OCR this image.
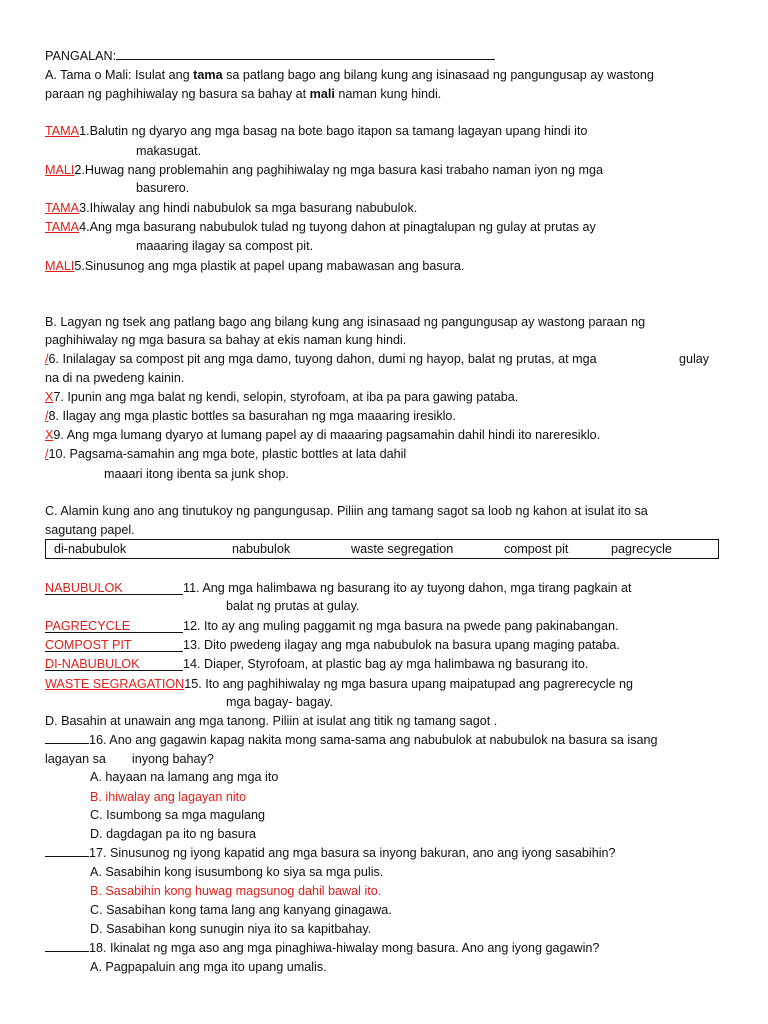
PANGALAN:
A. Tama o Mali: Isulat ang tama sa patlang bago ang bilang kung ang isinasaad ng pangungusap ay wastong
paraan ng paghihiwalay ng basura sa bahay at mali naman kung hindi.
TAMA1.Balutin ng dyaryo ang mga basag na bote bago itapon sa tamang lagayan upang hindi ito
makasugat.
MALI2.Huwag nang problemahin ang paghihiwalay ng mga basura kasi trabaho naman iyon ng mga
basurero.
TAMA3.Ihiwalay ang hindi nabubulok sa mga basurang nabubulok.
TAMA4.Ang mga basurang nabubulok tulad ng tuyong dahon at pinagtalupan ng gulay at prutas ay
maaaring ilagay sa compost pit.
MALI5.Sinusunog ang mga plastik at papel upang mabawasan ang basura.
B. Lagyan ng tsek ang patlang bago ang bilang kung ang isinasaad ng pangungusap ay wastong paraan ng
paghihiwalay ng mga basura sa bahay at ekis naman kung hindi.
/6. Inilalagay sa compost pit ang mga damo, tuyong dahon, dumi ng hayop, balat ng prutas, at mga	gulay
na di na pwedeng kainin.
X7. Ipunin ang mga balat ng kendi, selopin, styrofoam, at iba pa para gawing pataba.
/8. Ilagay ang mga plastic bottles sa basurahan ng mga maaaring iresiklo.
X9. Ang mga lumang dyaryo at lumang papel ay di maaaring pagsamahin dahil hindi ito nareresiklo.
/10. Pagsama-samahin ang mga bote, plastic bottles at lata dahil
maaari itong ibenta sa junk shop.
C. Alamin kung ano ang tinutukoy ng pangungusap. Piliin ang tamang sagot sa loob ng kahon at isulat ito sa
sagutang papel.
di-nabubulok	nabubulok	waste segregation	compost pit	pagrecycle
NABUBULOK	11. Ang mga halimbawa ng basurang ito ay tuyong dahon, mga tirang pagkain at
balat ng prutas at gulay.
PAGRECYCLE	12. Ito ay ang muling paggamit ng mga basura na pwede pang pakinabangan.
COMPOST PIT	13. Dito pwedeng ilagay ang mga nabubulok na basura upang maging pataba.
DI-NABUBULOK	14. Diaper, Styrofoam, at plastic bag ay mga halimbawa ng basurang ito.
WASTE SEGRAGATION15. Ito ang paghihiwalay ng mga basura upang maipatupad ang pagrerecycle ng
mga bagay- bagay.
D. Basahin at unawain ang mga tanong. Piliin at isulat ang titik ng tamang sagot .
16. Ano ang gagawin kapag nakita mong sama-sama ang nabubulok at nabubulok na basura sa isang
lagayan sa inyong bahay?
A. hayaan na lamang ang mga ito
B. ihiwalay ang lagayan nito
C. Isumbong sa mga magulang
D. dagdagan pa ito ng basura
17. Sinusunog ng iyong kapatid ang mga basura sa inyong bakuran, ano ang iyong sasabihin?
A. Sasabihin kong isusumbong ko siya sa mga pulis.
B. Sasabihin kong huwag magsunog dahil bawal ito.
C. Sasabihan kong tama lang ang kanyang ginagawa.
D. Sasabihan kong sunugin niya ito sa kapitbahay.
18. Ikinalat ng mga aso ang mga pinaghiwa-hiwalay mong basura. Ano ang iyong gagawin?
A. Pagpapaluin ang mga ito upang umalis.
